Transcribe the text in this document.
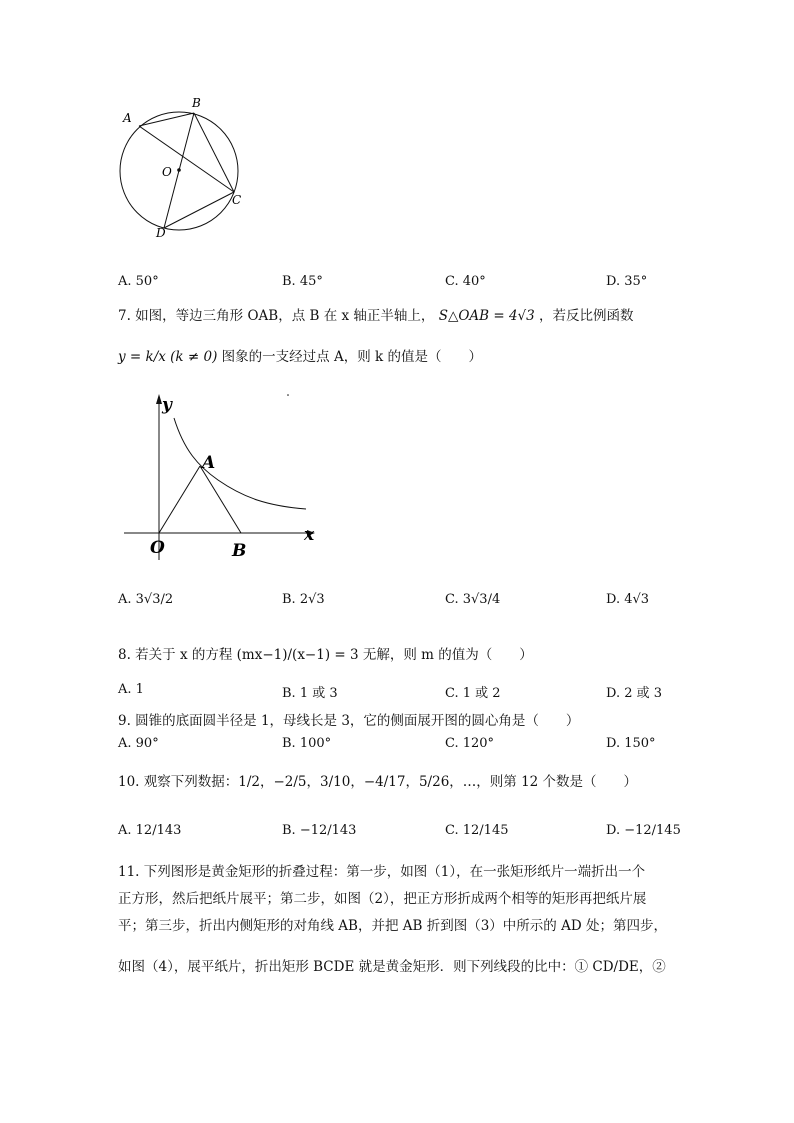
A
B
O
C
D
A. 50°	B. 45°	C. 40°	D. 35°
7. 如图，等边三角形 OAB，点 B 在 x 轴正半轴上， S△OAB = 4√3 ，若反比例函数
y = k/x (k ≠ 0) 图象的一支经过点 A，则 k 的值是（　　）
y
x
A
O	B
A. 3√3/2	B. 2√3	C. 3√3/4	D. 4√3
8. 若关于 x 的方程 (mx−1)/(x−1) = 3 无解，则 m 的值为（　　）
A. 1	B. 1 或 3	C. 1 或 2	D. 2 或 3
9. 圆锥的底面圆半径是 1，母线长是 3，它的侧面展开图的圆心角是（　　）
A. 90°	B. 100°	C. 120°	D. 150°
10. 观察下列数据：1/2，−2/5，3/10，−4/17，5/26，…，则第 12 个数是（　　）
A. 12/143	B. −12/143	C. 12/145	D. −12/145
11. 下列图形是黄金矩形的折叠过程：第一步，如图（1），在一张矩形纸片一端折出一个
正方形，然后把纸片展平；第二步，如图（2），把正方形折成两个相等的矩形再把纸片展
平；第三步，折出内侧矩形的对角线 AB，并把 AB 折到图（3）中所示的 AD 处；第四步，
如图（4），展平纸片，折出矩形 BCDE 就是黄金矩形．则下列线段的比中：① CD/DE，②
